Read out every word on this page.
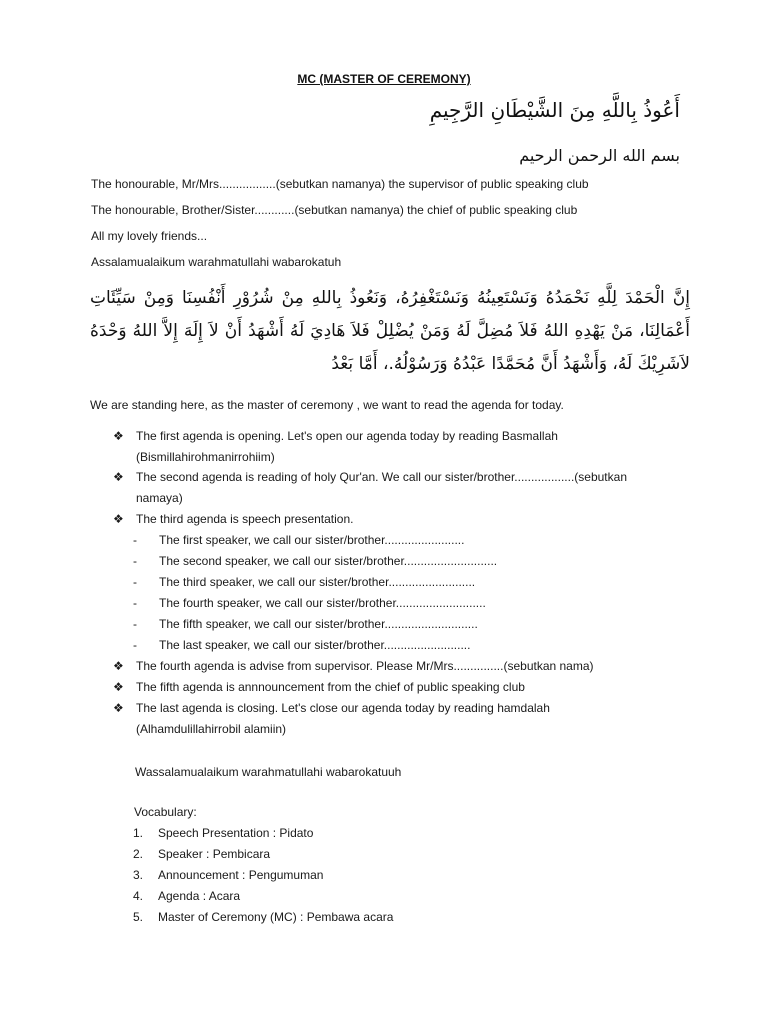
MC (MASTER OF CEREMONY)
أَعُوذُ بِاللَّهِ مِنَ الشَّيْطَانِ الرَّجِيمِ
بسم الله الرحمن الرحيم
The honourable, Mr/Mrs.................(sebutkan namanya) the supervisor of public speaking club
The honourable, Brother/Sister............(sebutkan namanya) the chief of public speaking club
All my lovely friends...
Assalamualaikum warahmatullahi wabarokatuh
إِنَّ الْحَمْدَ لِلَّهِ نَحْمَدُهُ وَنَسْتَعِينُهُ وَنَسْتَغْفِرُهُ، وَنَعُوذُ بِاللهِ مِنْ شُرُوْرِ أَنْفُسِنَا وَمِنْ سَيِّئَاتِ أَعْمَالِنَا، مَنْ يَهْدِهِ اللهُ فَلاَ مُضِلَّ لَهُ وَمَنْ يُضْلِلْ فَلاَ هَادِيَ لَهُ أَشْهَدُ أَنْ لاَ إِلَهَ إِلاَّ اللهُ وَحْدَهُ لاَشَرِيْكَ لَهُ، وَأَشْهَدُ أَنَّ مُحَمَّدًا عَبْدُهُ وَرَسُوْلُهُ.، أَمَّا بَعْدُ
We are standing here, as the master of ceremony , we want to read the agenda for today.
❖	The first agenda is opening. Let's open our agenda today by reading Basmallah
(Bismillahirohmanirrohiim)
❖	The second agenda is reading of holy Qur'an. We call our sister/brother..................(sebutkan
namaya)
❖	The third agenda is speech presentation.
- The first speaker, we call our sister/brother........................
- The second speaker, we call our sister/brother............................
- The third speaker, we call our sister/brother..........................
- The fourth speaker, we call our sister/brother...........................
- The fifth speaker, we call our sister/brother............................
- The last speaker, we call our sister/brother..........................
❖	The fourth agenda is advise from supervisor. Please Mr/Mrs...............(sebutkan nama)
❖	The fifth agenda is annnouncement from the chief of public speaking club
❖	The last agenda is closing. Let's close our agenda today by reading hamdalah
(Alhamdulillahirrobil alamiin)
Wassalamualaikum warahmatullahi wabarokatuuh
Vocabulary:
1. Speech Presentation : Pidato
2. Speaker : Pembicara
3. Announcement : Pengumuman
4. Agenda : Acara
5. Master of Ceremony (MC) : Pembawa acara
